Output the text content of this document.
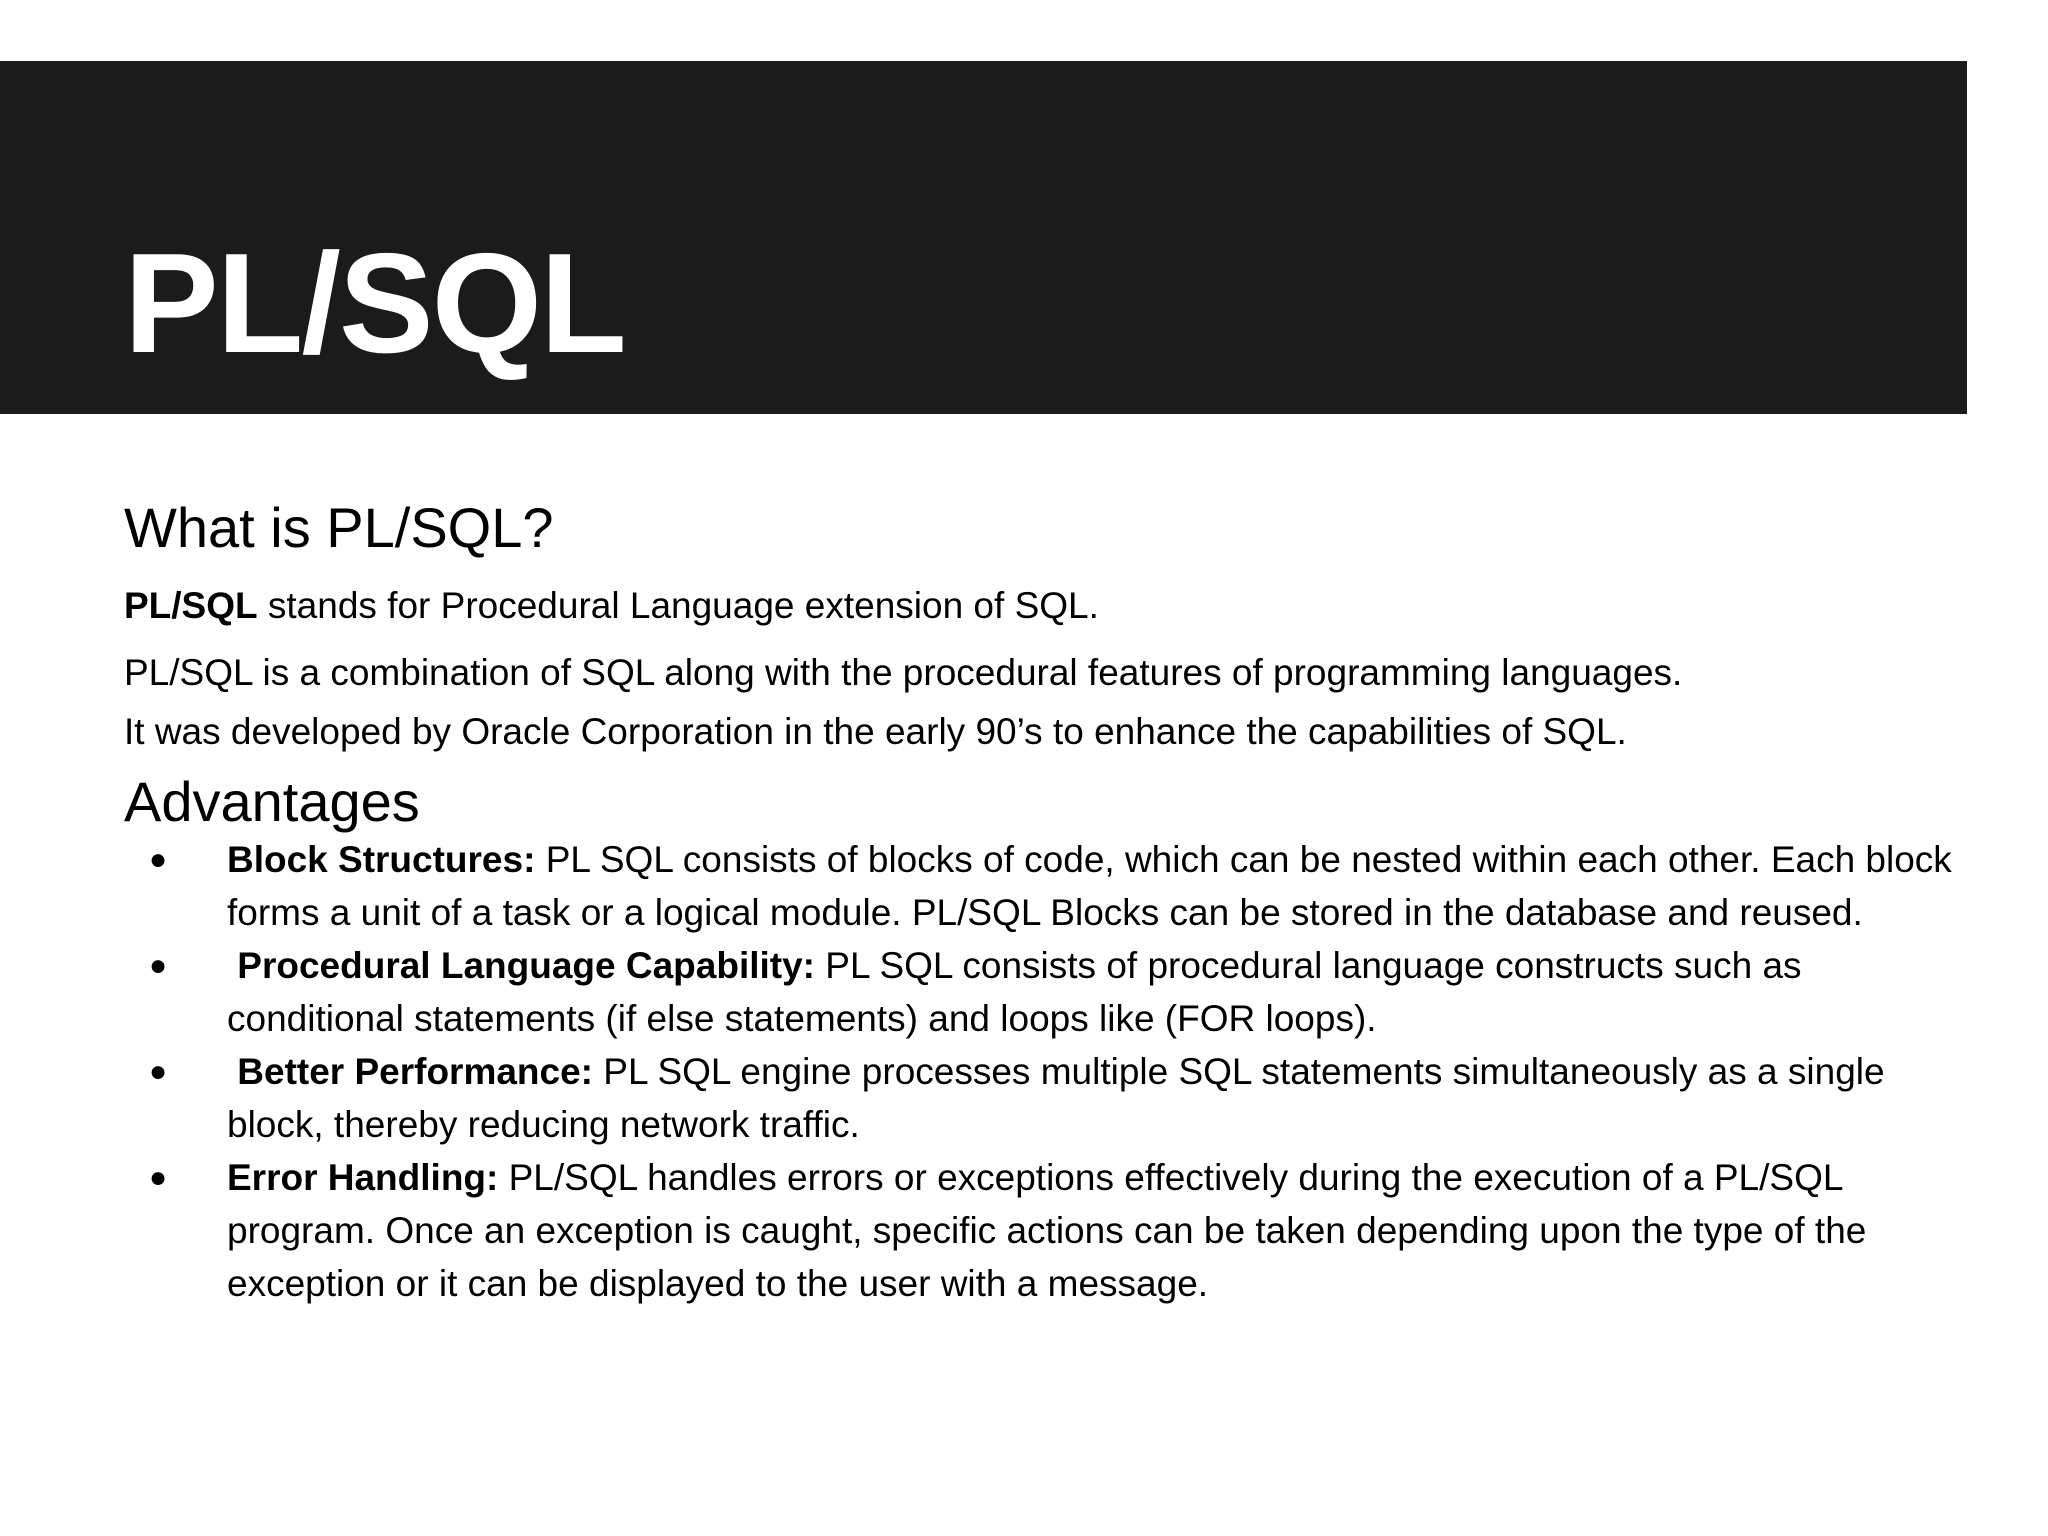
PL/SQL
What is PL/SQL?

PL/SQL stands for Procedural Language extension of SQL.

PL/SQL is a combination of SQL along with the procedural features of programming languages.

It was developed by Oracle Corporation in the early 90’s to enhance the capabilities of SQL.

Advantages
● Block Structures: PL SQL consists of blocks of code, which can be nested within each other. Each block forms a unit of a task or a logical module. PL/SQL Blocks can be stored in the database and reused.
● Procedural Language Capability: PL SQL consists of procedural language constructs such as conditional statements (if else statements) and loops like (FOR loops).
● Better Performance: PL SQL engine processes multiple SQL statements simultaneously as a single block, thereby reducing network traffic.
● Error Handling: PL/SQL handles errors or exceptions effectively during the execution of a PL/SQL program. Once an exception is caught, specific actions can be taken depending upon the type of the exception or it can be displayed to the user with a message.
